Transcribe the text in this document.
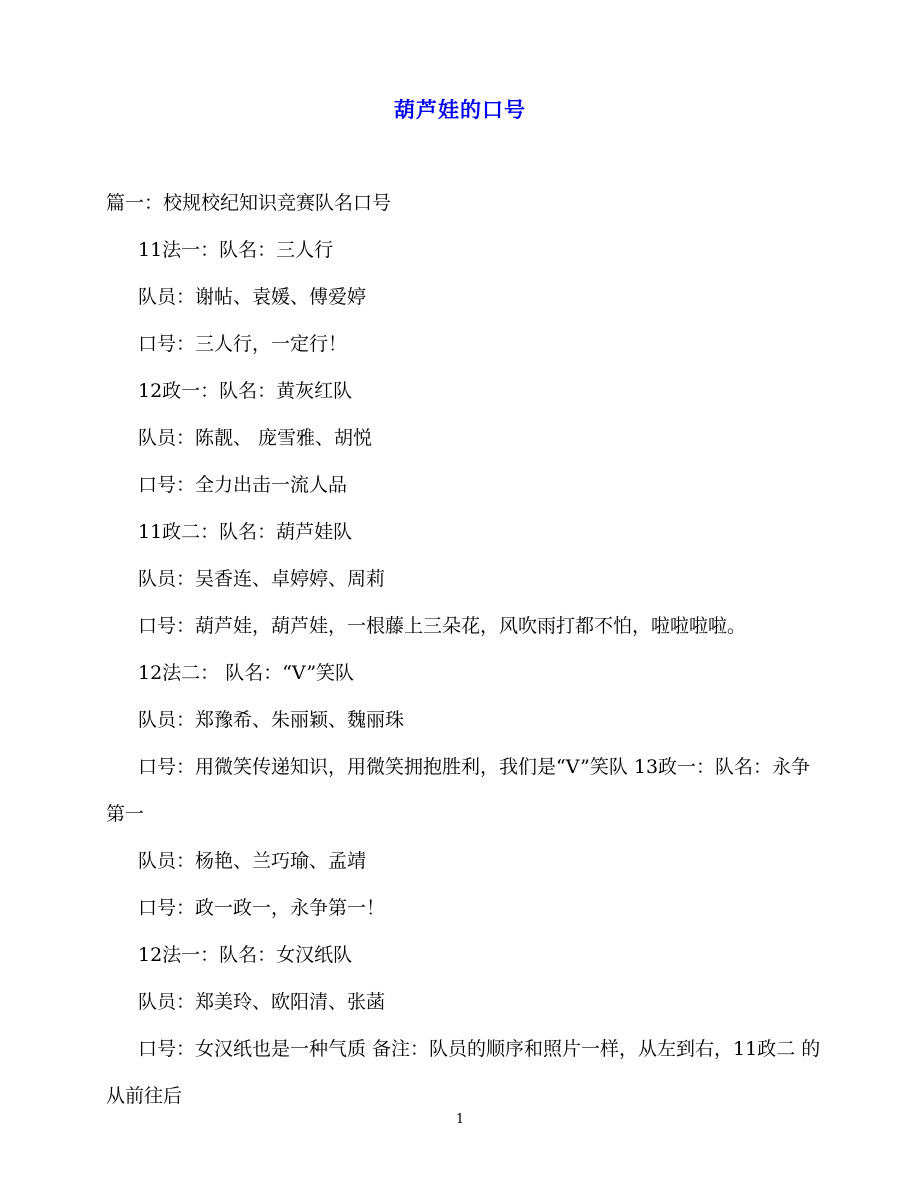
葫芦娃的口号

篇一：校规校纪知识竞赛队名口号

11法一：队名：三人行

队员：谢帖、袁媛、傅爱婷

口号：三人行，一定行！

12政一：队名：黄灰红队

队员：陈靓、 庞雪雅、胡悦

口号：全力出击一流人品

11政二：队名：葫芦娃队

队员：吴香连、卓婷婷、周莉

口号：葫芦娃，葫芦娃，一根藤上三朵花，风吹雨打都不怕，啦啦啦啦。

12法二： 队名：“V”笑队

队员：郑豫希、朱丽颖、魏丽珠

口号：用微笑传递知识，用微笑拥抱胜利，我们是“V”笑队 13政一：队名：永争第一

队员：杨艳、兰巧瑜、孟靖

口号：政一政一，永争第一！

12法一：队名：女汉纸队

队员：郑美玲、欧阳清、张菡

口号：女汉纸也是一种气质 备注：队员的顺序和照片一样，从左到右，11政二 的从前往后

1
